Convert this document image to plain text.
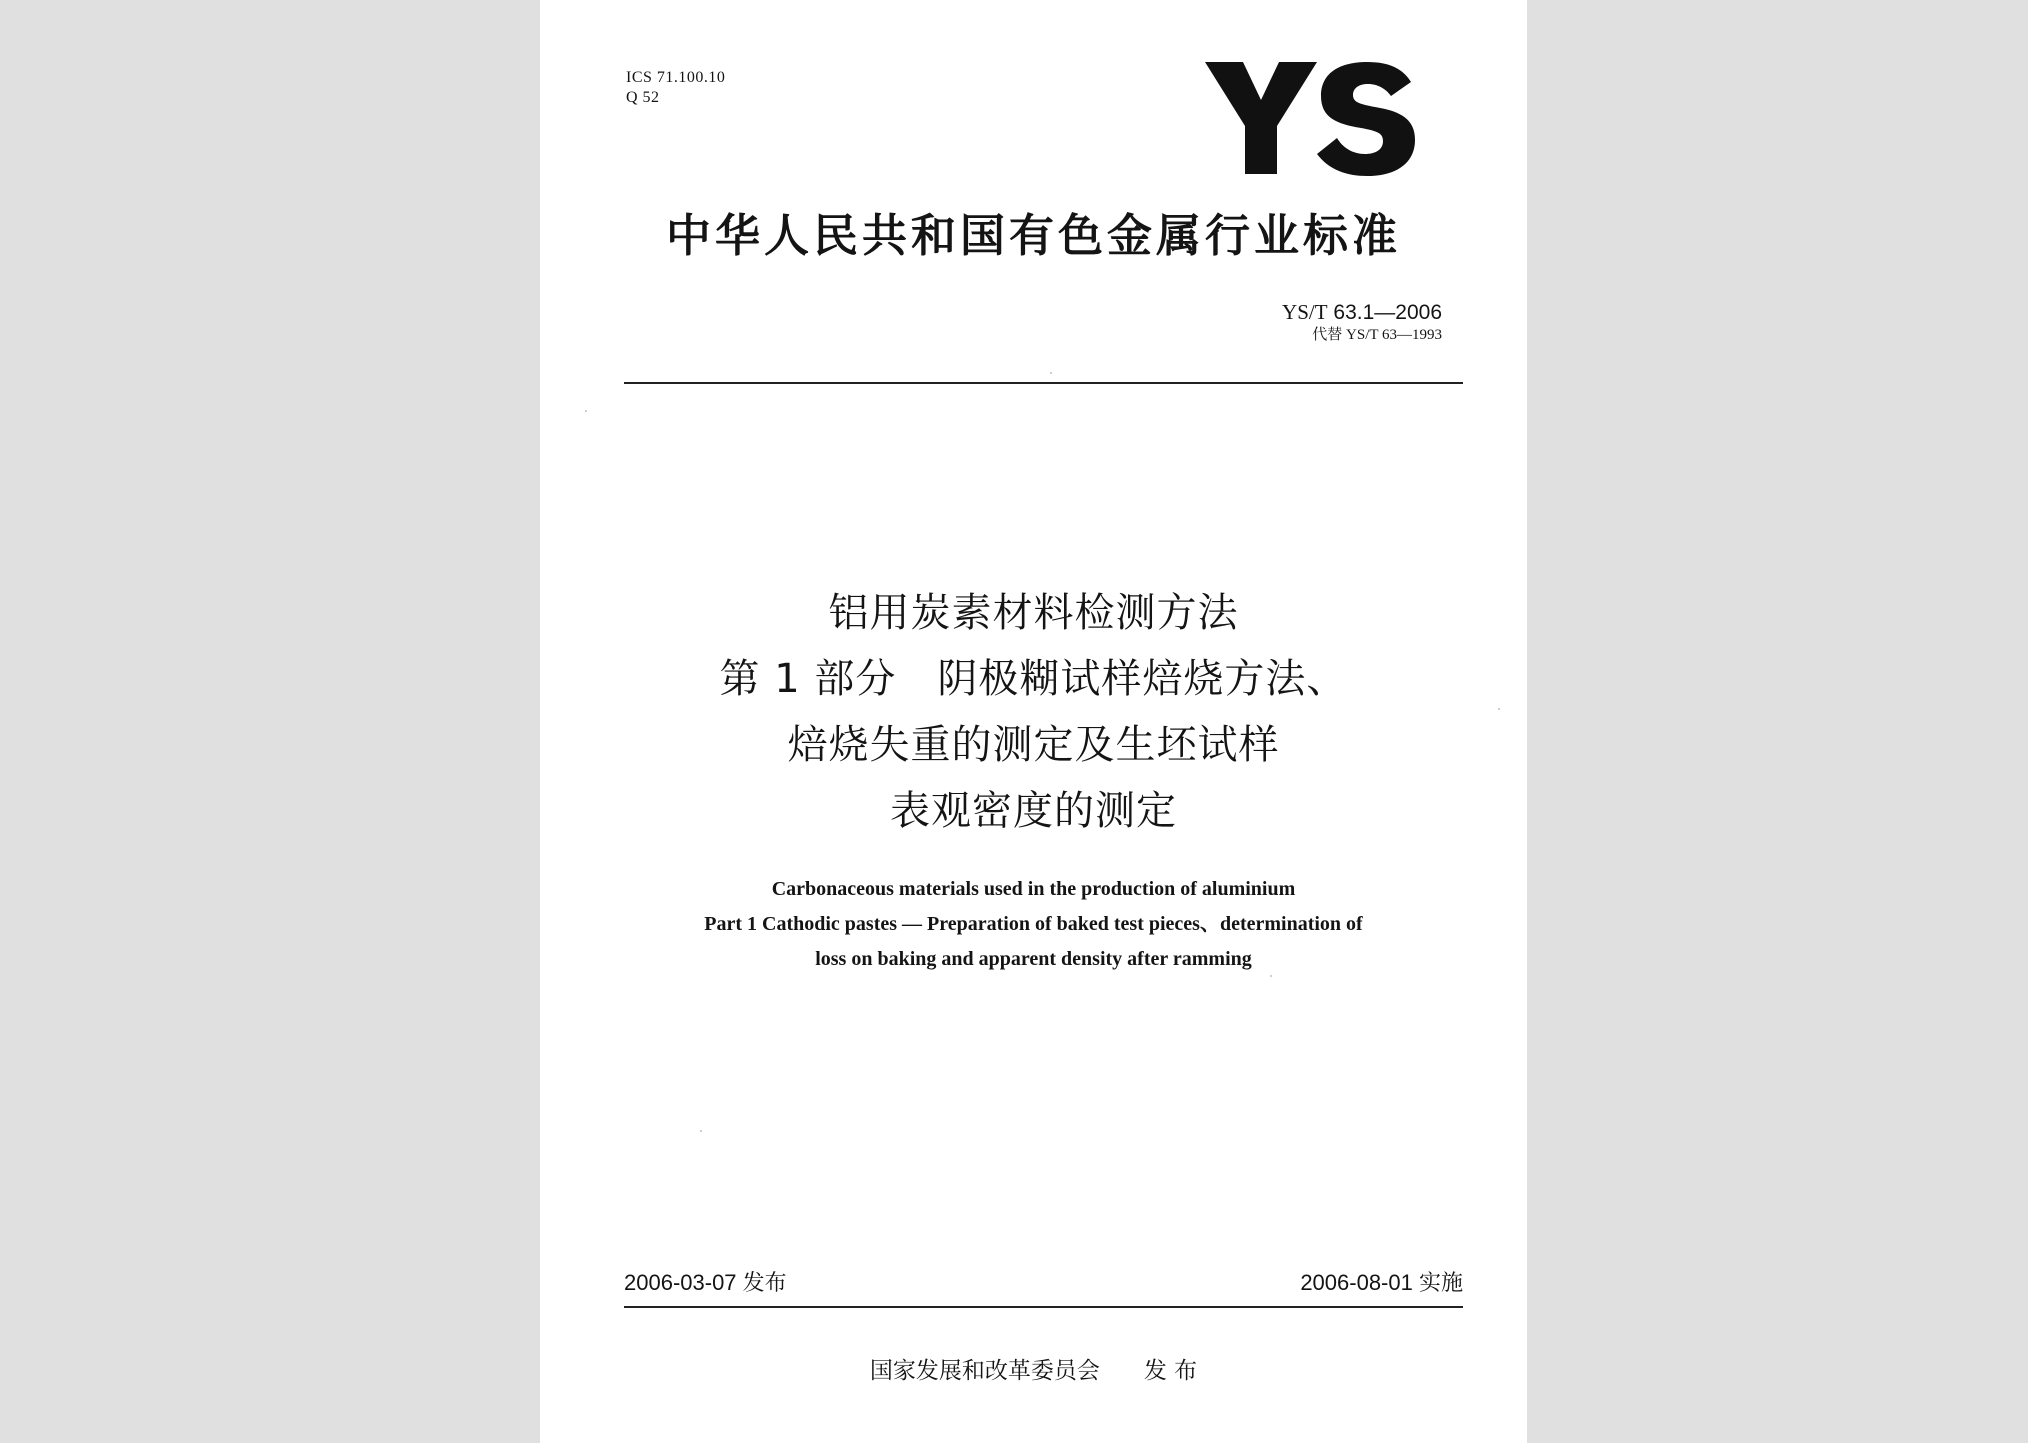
ICS 71.100.10
Q 52
中华人民共和国有色金属行业标准
YS/T 63.1—2006
代替 YS/T 63—1993
铝用炭素材料检测方法
第 1 部分　阴极糊试样焙烧方法、
焙烧失重的测定及生坯试样
表观密度的测定
Carbonaceous materials used in the production of aluminium
Part 1 Cathodic pastes — Preparation of baked test pieces、determination of
loss on baking and apparent density after ramming
2006-03-07 发布	2006-08-01 实施
国家发展和改革委员会 发 布
